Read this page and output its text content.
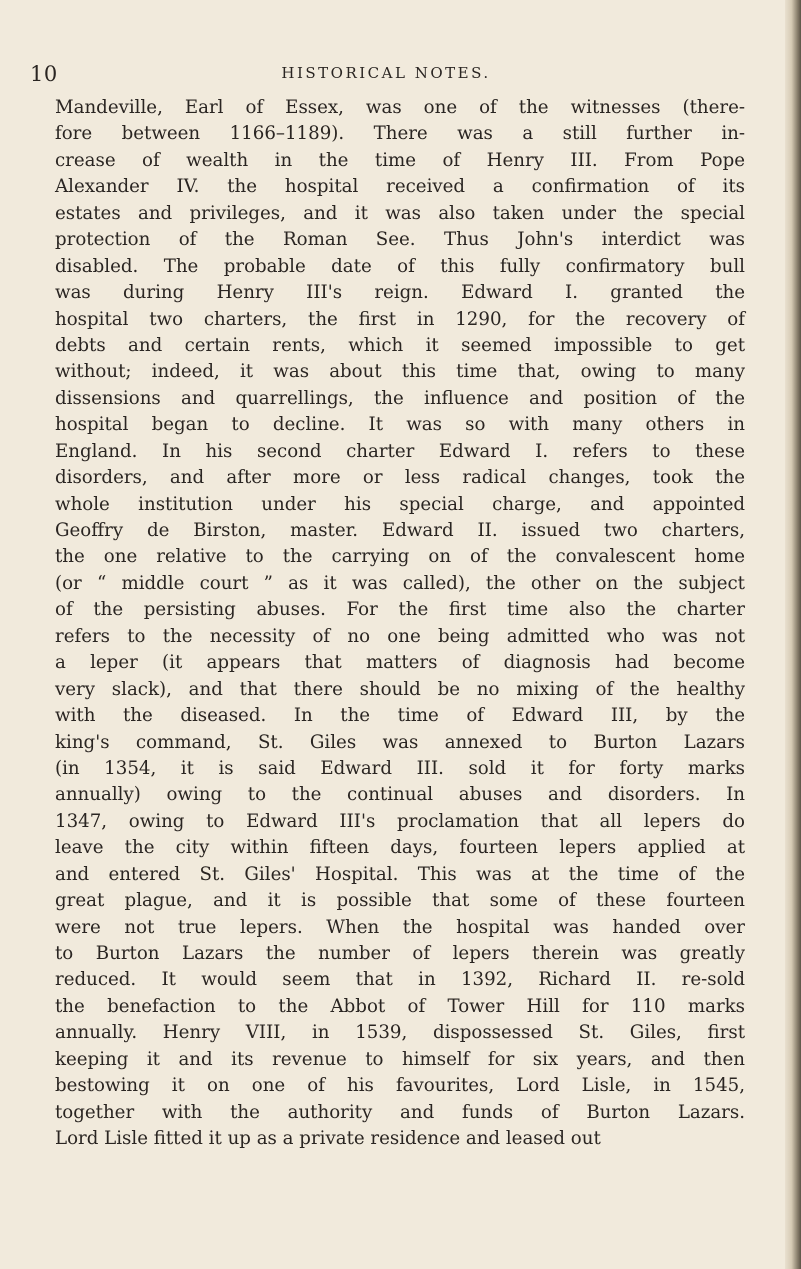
10	HISTORICAL NOTES.
Mandeville, Earl of Essex, was one of the witnesses (there-
fore between 1166–1189). There was a still further in-
crease of wealth in the time of Henry III. From Pope
Alexander IV. the hospital received a confirmation of its
estates and privileges, and it was also taken under the special
protection of the Roman See. Thus John's interdict was
disabled. The probable date of this fully confirmatory bull
was during Henry III's reign. Edward I. granted the
hospital two charters, the first in 1290, for the recovery of
debts and certain rents, which it seemed impossible to get
without; indeed, it was about this time that, owing to many
dissensions and quarrellings, the influence and position of the
hospital began to decline. It was so with many others in
England. In his second charter Edward I. refers to these
disorders, and after more or less radical changes, took the
whole institution under his special charge, and appointed
Geoffry de Birston, master. Edward II. issued two charters,
the one relative to the carrying on of the convalescent home
(or “ middle court ” as it was called), the other on the subject
of the persisting abuses. For the first time also the charter
refers to the necessity of no one being admitted who was not
a leper (it appears that matters of diagnosis had become
very slack), and that there should be no mixing of the healthy
with the diseased. In the time of Edward III, by the
king's command, St. Giles was annexed to Burton Lazars
(in 1354, it is said Edward III. sold it for forty marks
annually) owing to the continual abuses and disorders. In
1347, owing to Edward III's proclamation that all lepers do
leave the city within fifteen days, fourteen lepers applied at
and entered St. Giles' Hospital. This was at the time of the
great plague, and it is possible that some of these fourteen
were not true lepers. When the hospital was handed over
to Burton Lazars the number of lepers therein was greatly
reduced. It would seem that in 1392, Richard II. re-sold
the benefaction to the Abbot of Tower Hill for 110 marks
annually. Henry VIII, in 1539, dispossessed St. Giles, first
keeping it and its revenue to himself for six years, and then
bestowing it on one of his favourites, Lord Lisle, in 1545,
together with the authority and funds of Burton Lazars.
Lord Lisle fitted it up as a private residence and leased out
